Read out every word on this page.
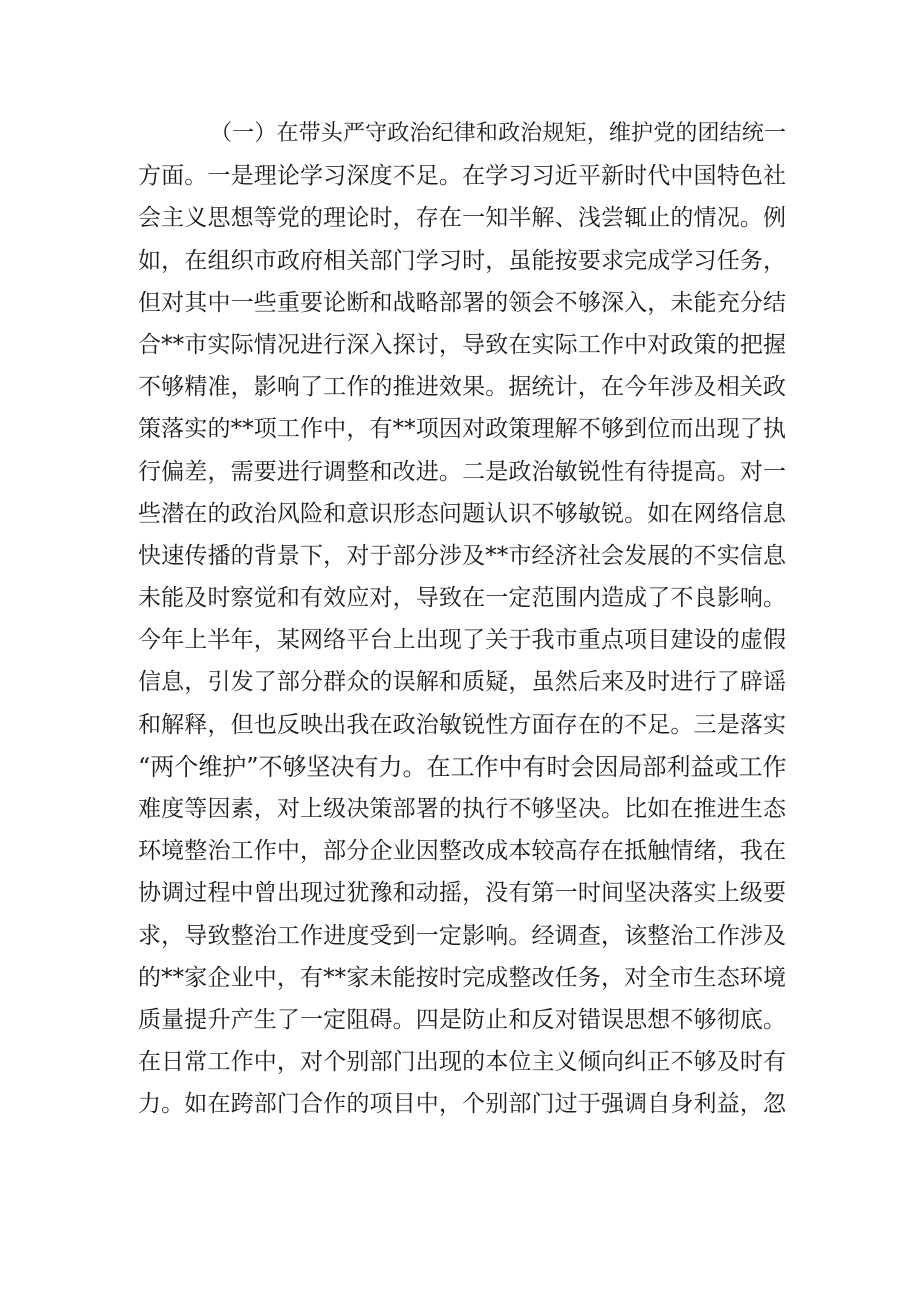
（一）在带头严守政治纪律和政治规矩，维护党的团结统一
方面。一是理论学习深度不足。在学习习近平新时代中国特色社
会主义思想等党的理论时，存在一知半解、浅尝辄止的情况。例
如，在组织市政府相关部门学习时，虽能按要求完成学习任务，
但对其中一些重要论断和战略部署的领会不够深入，未能充分结
合**市实际情况进行深入探讨，导致在实际工作中对政策的把握
不够精准，影响了工作的推进效果。据统计，在今年涉及相关政
策落实的**项工作中，有**项因对政策理解不够到位而出现了执
行偏差，需要进行调整和改进。二是政治敏锐性有待提高。对一
些潜在的政治风险和意识形态问题认识不够敏锐。如在网络信息
快速传播的背景下，对于部分涉及**市经济社会发展的不实信息
未能及时察觉和有效应对，导致在一定范围内造成了不良影响。
今年上半年，某网络平台上出现了关于我市重点项目建设的虚假
信息，引发了部分群众的误解和质疑，虽然后来及时进行了辟谣
和解释，但也反映出我在政治敏锐性方面存在的不足。三是落实
“两个维护”不够坚决有力。在工作中有时会因局部利益或工作
难度等因素，对上级决策部署的执行不够坚决。比如在推进生态
环境整治工作中，部分企业因整改成本较高存在抵触情绪，我在
协调过程中曾出现过犹豫和动摇，没有第一时间坚决落实上级要
求，导致整治工作进度受到一定影响。经调查，该整治工作涉及
的**家企业中，有**家未能按时完成整改任务，对全市生态环境
质量提升产生了一定阻碍。四是防止和反对错误思想不够彻底。
在日常工作中，对个别部门出现的本位主义倾向纠正不够及时有
力。如在跨部门合作的项目中，个别部门过于强调自身利益，忽
